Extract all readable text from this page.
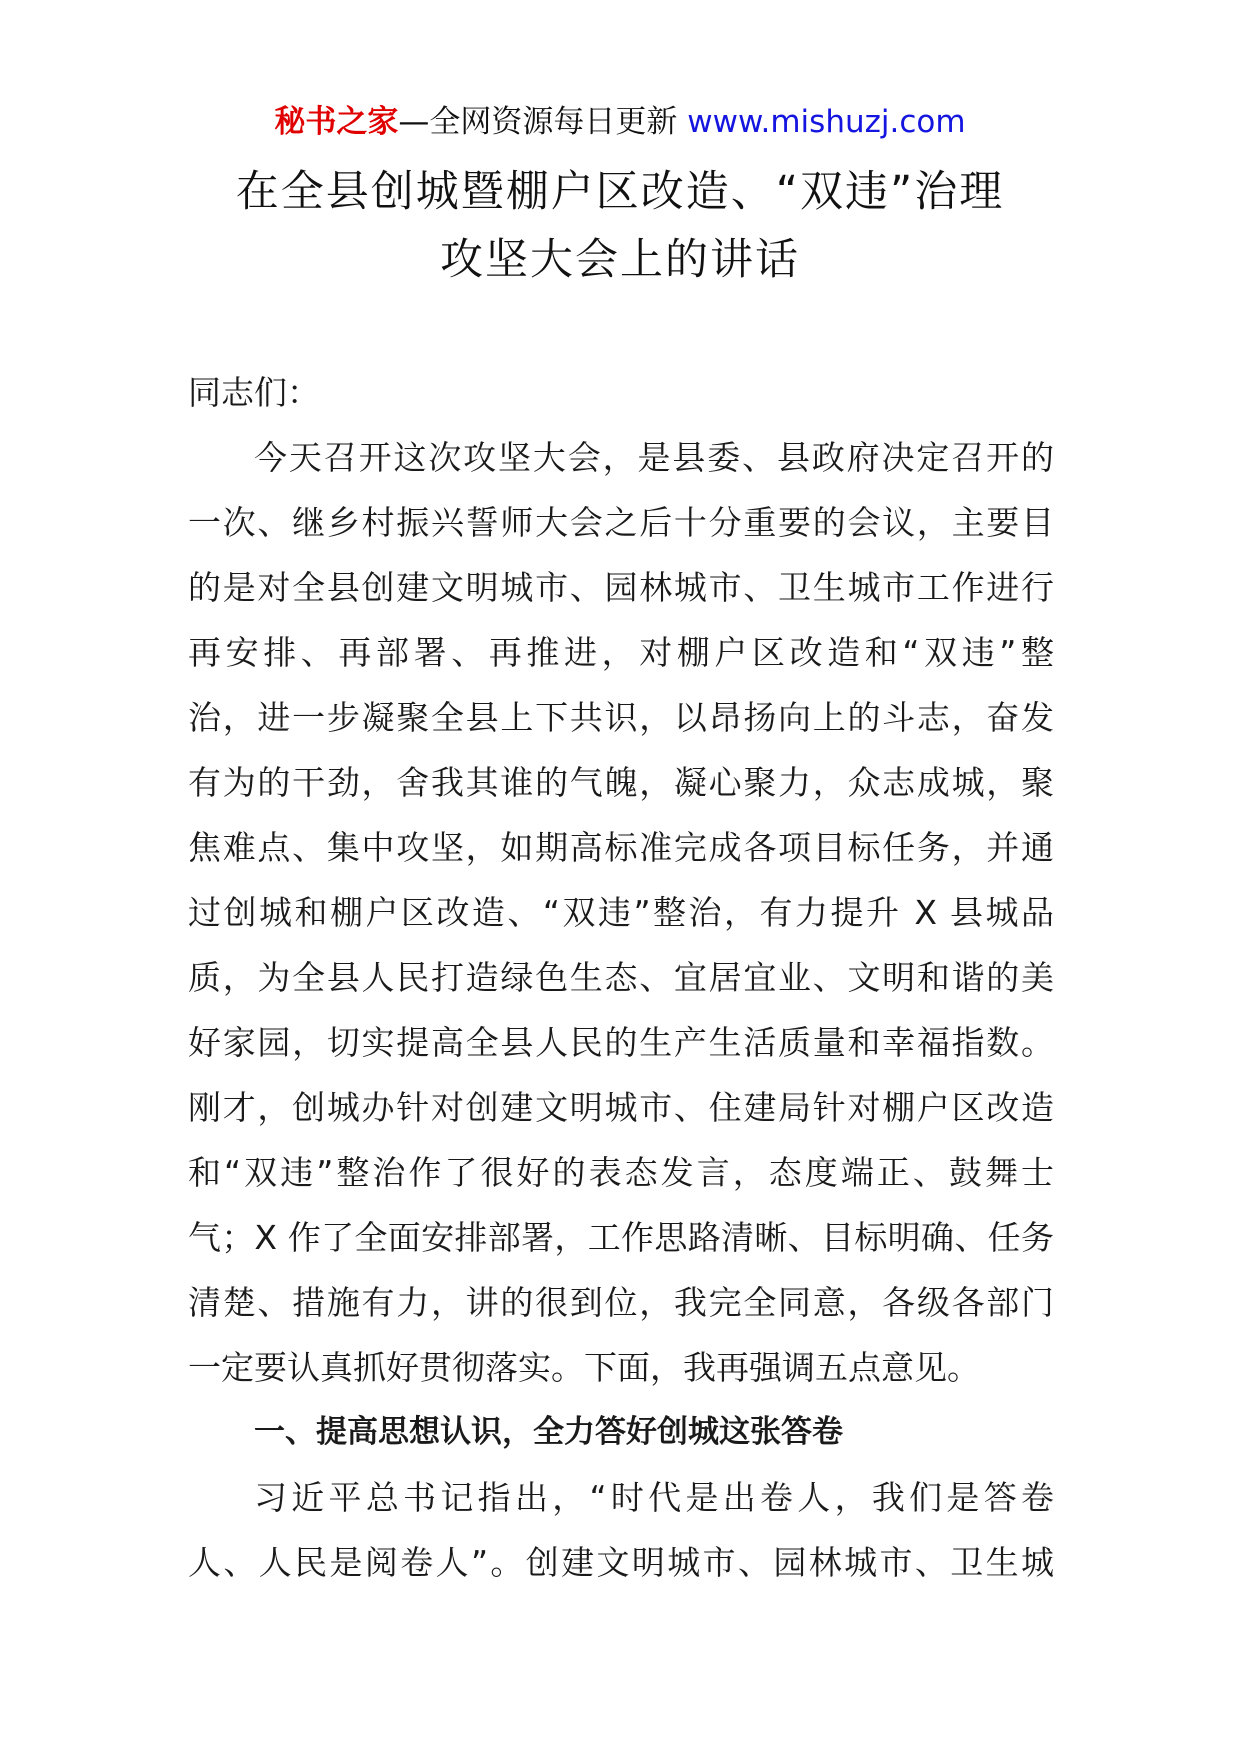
秘书之家—全网资源每日更新 www.mishuzj.com
在全县创城暨棚户区改造、“双违”治理
攻坚大会上的讲话
同志们：
今天召开这次攻坚大会，是县委、县政府决定召开的
一次、继乡村振兴誓师大会之后十分重要的会议，主要目
的是对全县创建文明城市、园林城市、卫生城市工作进行
再安排、再部署、再推进，对棚户区改造和“双违”整
治，进一步凝聚全县上下共识，以昂扬向上的斗志，奋发
有为的干劲，舍我其谁的气魄，凝心聚力，众志成城，聚
焦难点、集中攻坚，如期高标准完成各项目标任务，并通
过创城和棚户区改造、“双违”整治，有力提升 X 县城品
质，为全县人民打造绿色生态、宜居宜业、文明和谐的美
好家园，切实提高全县人民的生产生活质量和幸福指数。
刚才，创城办针对创建文明城市、住建局针对棚户区改造
和“双违”整治作了很好的表态发言，态度端正、鼓舞士
气；X 作了全面安排部署，工作思路清晰、目标明确、任务
清楚、措施有力，讲的很到位，我完全同意，各级各部门
一定要认真抓好贯彻落实。下面，我再强调五点意见。
一、提高思想认识，全力答好创城这张答卷
习近平总书记指出，“时代是出卷人，我们是答卷
人、人民是阅卷人”。创建文明城市、园林城市、卫生城
